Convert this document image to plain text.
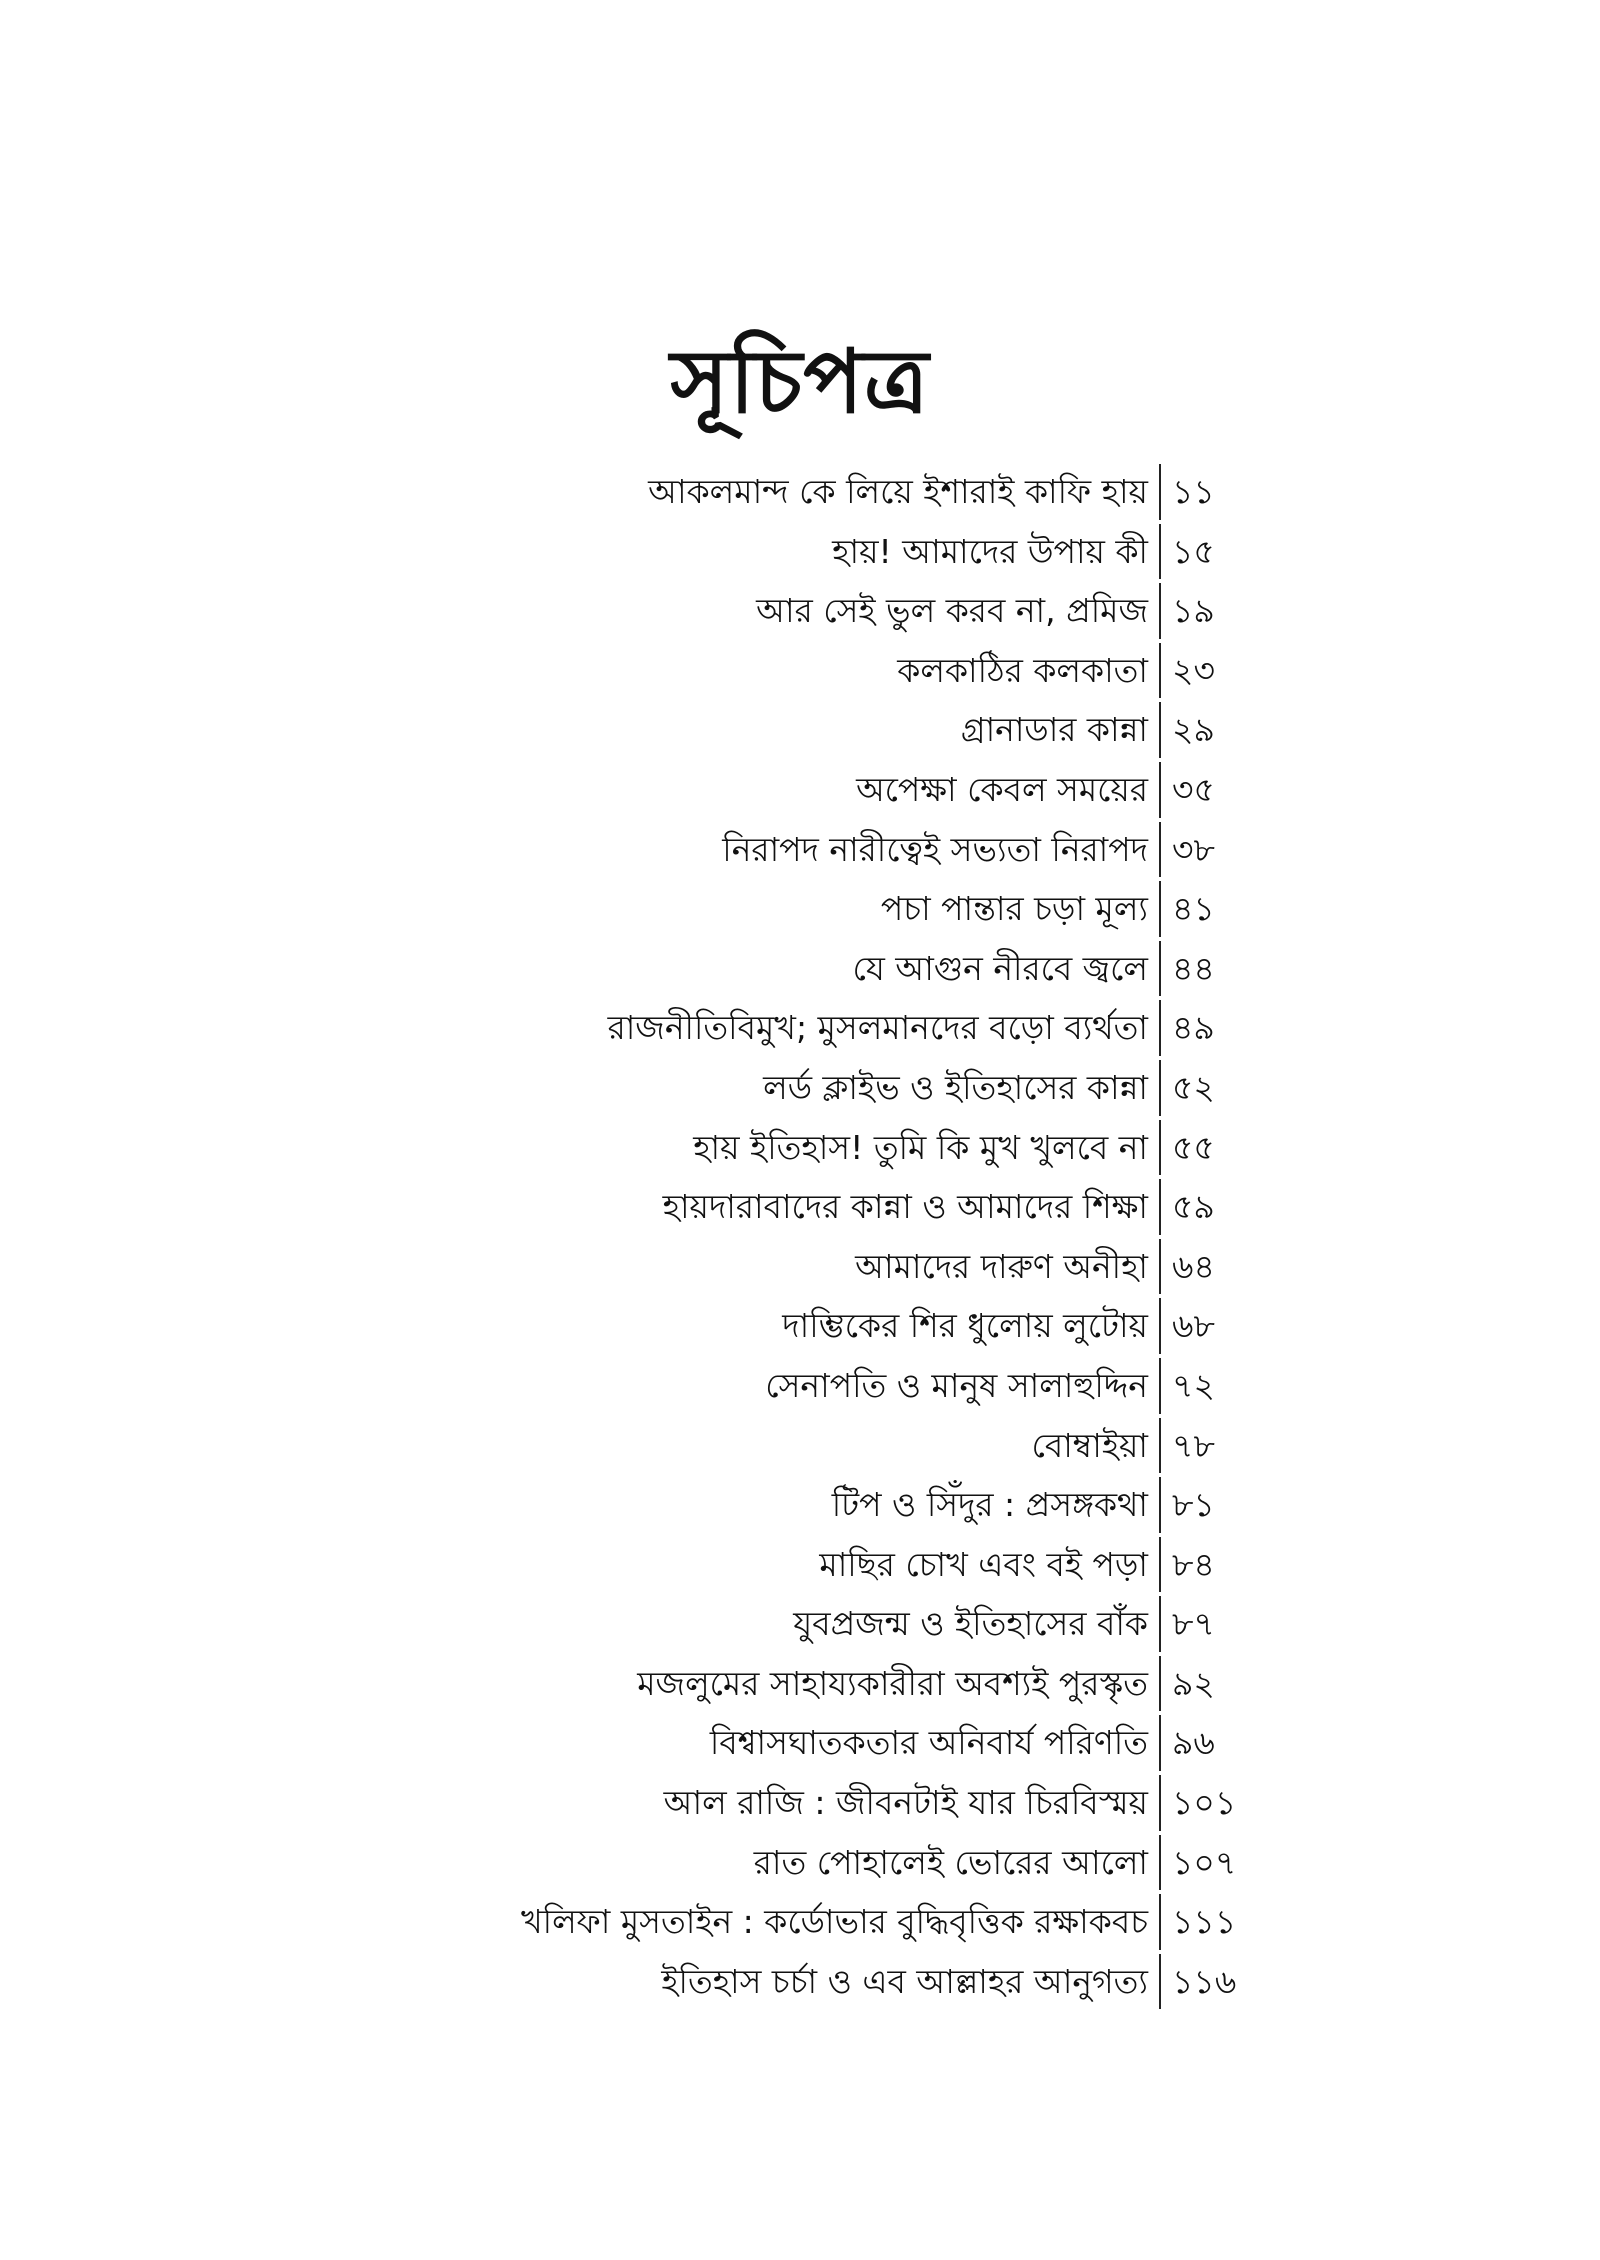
সূচিপত্র
আকলমান্দ কে লিয়ে ইশারাই কাফি হায় ১১
হায়! আমাদের উপায় কী ১৫
আর সেই ভুল করব না, প্রমিজ ১৯
কলকাঠির কলকাতা ২৩
গ্রানাডার কান্না ২৯
অপেক্ষা কেবল সময়ের ৩৫
নিরাপদ নারীত্বেই সভ্যতা নিরাপদ ৩৮
পচা পান্তার চড়া মূল্য ৪১
যে আগুন নীরবে জ্বলে ৪৪
রাজনীতিবিমুখ; মুসলমানদের বড়ো ব্যর্থতা ৪৯
লর্ড ক্লাইভ ও ইতিহাসের কান্না ৫২
হায় ইতিহাস! তুমি কি মুখ খুলবে না ৫৫
হায়দারাবাদের কান্না ও আমাদের শিক্ষা ৫৯
আমাদের দারুণ অনীহা ৬৪
দাম্ভিকের শির ধুলোয় লুটোয় ৬৮
সেনাপতি ও মানুষ সালাহুদ্দিন ৭২
বোম্বাইয়া ৭৮
টিপ ও সিঁদুর : প্রসঙ্গকথা ৮১
মাছির চোখ এবং বই পড়া ৮৪
যুবপ্রজন্ম ও ইতিহাসের বাঁক ৮৭
মজলুমের সাহায্যকারীরা অবশ্যই পুরস্কৃত ৯২
বিশ্বাসঘাতকতার অনিবার্য পরিণতি ৯৬
আল রাজি : জীবনটাই যার চিরবিস্ময় ১০১
রাত পোহালেই ভোরের আলো ১০৭
খলিফা মুসতাইন : কর্ডোভার বুদ্ধিবৃত্তিক রক্ষাকবচ ১১১
ইতিহাস চর্চা ও এব আল্লাহর আনুগত্য ১১৬
